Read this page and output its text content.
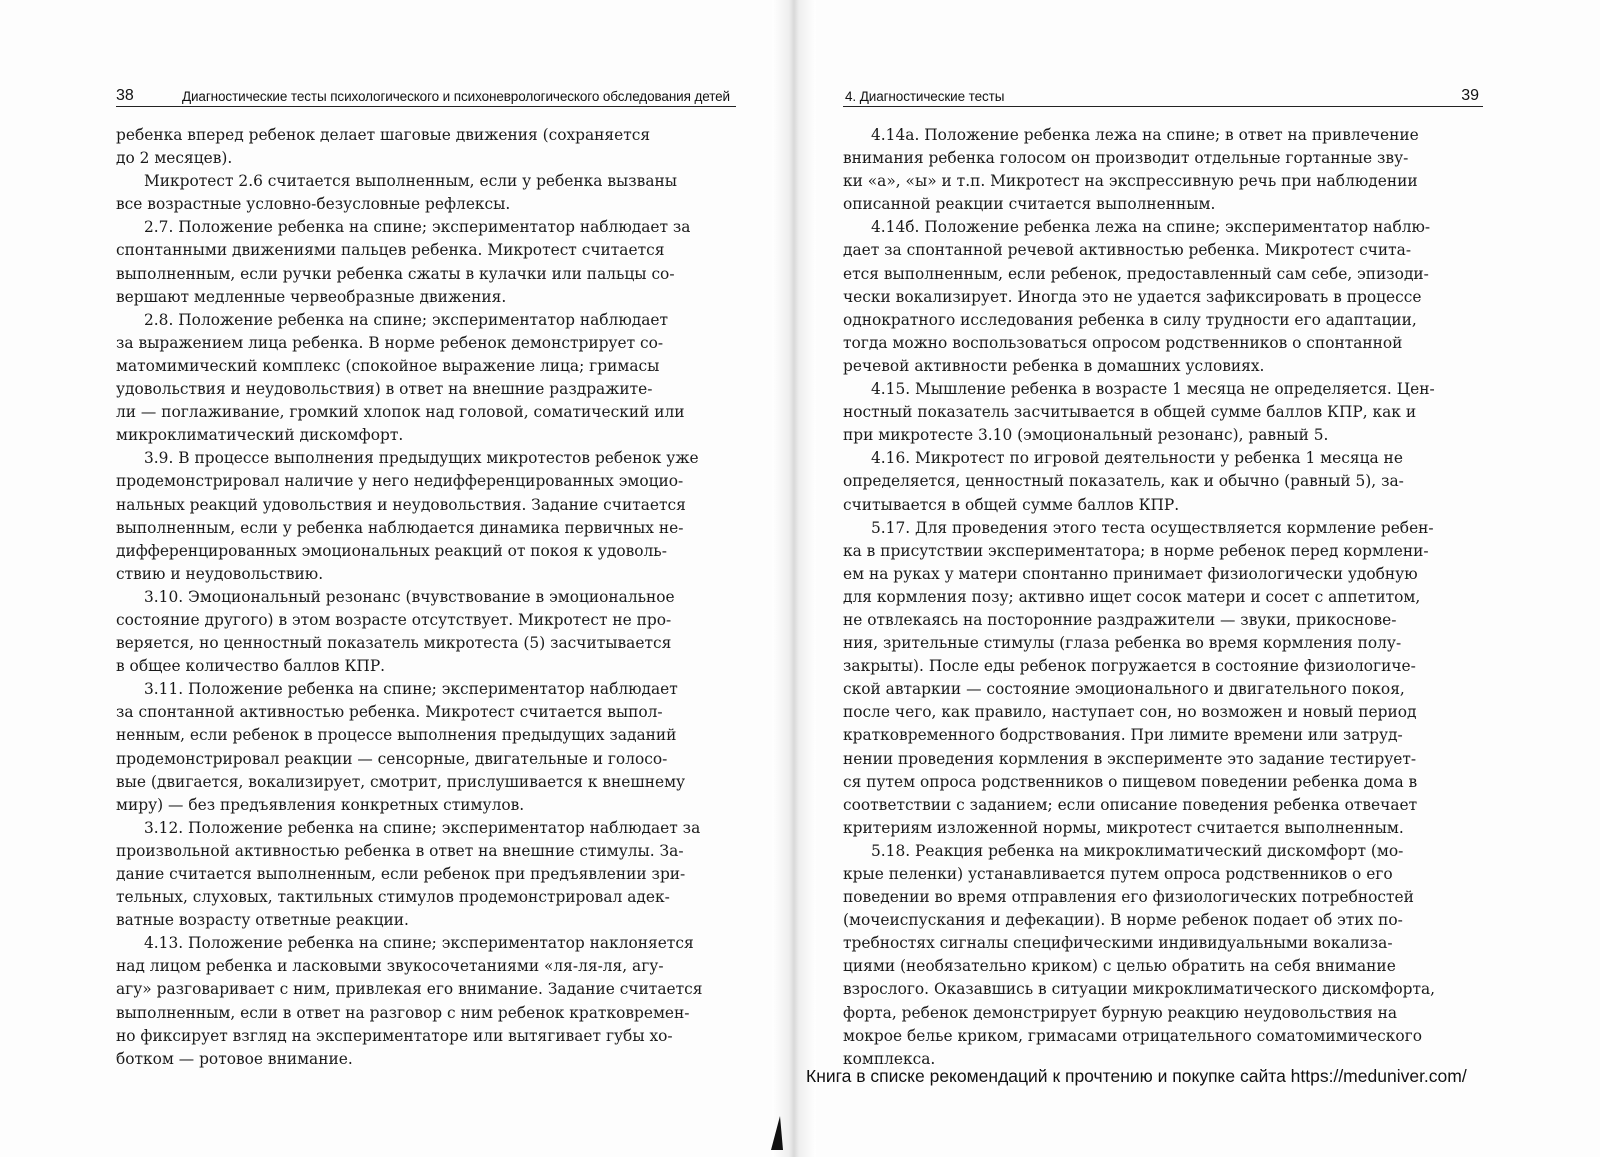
38	Диагностические тесты психологического и психоневрологического обследования детей
ребенка вперед ребенок делает шаговые движения (сохраняется
до 2 месяцев).
Микротест 2.6 считается выполненным, если у ребенка вызваны
все возрастные условно-безусловные рефлексы.
2.7. Положение ребенка на спине; экспериментатор наблюдает за
спонтанными движениями пальцев ребенка. Микротест считается
выполненным, если ручки ребенка сжаты в кулачки или пальцы со-
вершают медленные червеобразные движения.
2.8. Положение ребенка на спине; экспериментатор наблюдает
за выражением лица ребенка. В норме ребенок демонстрирует со-
матомимический комплекс (спокойное выражение лица; гримасы
удовольствия и неудовольствия) в ответ на внешние раздражите-
ли — поглаживание, громкий хлопок над головой, соматический или
микроклиматический дискомфорт.
3.9. В процессе выполнения предыдущих микротестов ребенок уже
продемонстрировал наличие у него недифференцированных эмоцио-
нальных реакций удовольствия и неудовольствия. Задание считается
выполненным, если у ребенка наблюдается динамика первичных не-
дифференцированных эмоциональных реакций от покоя к удоволь-
ствию и неудовольствию.
3.10. Эмоциональный резонанс (вчувствование в эмоциональное
состояние другого) в этом возрасте отсутствует. Микротест не про-
веряется, но ценностный показатель микротеста (5) засчитывается
в общее количество баллов КПР.
3.11. Положение ребенка на спине; экспериментатор наблюдает
за спонтанной активностью ребенка. Микротест считается выпол-
ненным, если ребенок в процессе выполнения предыдущих заданий
продемонстрировал реакции — сенсорные, двигательные и голосо-
вые (двигается, вокализирует, смотрит, прислушивается к внешнему
миру) — без предъявления конкретных стимулов.
3.12. Положение ребенка на спине; экспериментатор наблюдает за
произвольной активностью ребенка в ответ на внешние стимулы. За-
дание считается выполненным, если ребенок при предъявлении зри-
тельных, слуховых, тактильных стимулов продемонстрировал адек-
ватные возрасту ответные реакции.
4.13. Положение ребенка на спине; экспериментатор наклоняется
над лицом ребенка и ласковыми звукосочетаниями «ля-ля-ля, агу-
агу» разговаривает с ним, привлекая его внимание. Задание считается
выполненным, если в ответ на разговор с ним ребенок кратковремен-
но фиксирует взгляд на экспериментаторе или вытягивает губы хо-
ботком — ротовое внимание.
4. Диагностические тесты	39
4.14а. Положение ребенка лежа на спине; в ответ на привлечение
внимания ребенка голосом он производит отдельные гортанные зву-
ки «а», «ы» и т.п. Микротест на экспрессивную речь при наблюдении
описанной реакции считается выполненным.
4.14б. Положение ребенка лежа на спине; экспериментатор наблю-
дает за спонтанной речевой активностью ребенка. Микротест счита-
ется выполненным, если ребенок, предоставленный сам себе, эпизоди-
чески вокализирует. Иногда это не удается зафиксировать в процессе
однократного исследования ребенка в силу трудности его адаптации,
тогда можно воспользоваться опросом родственников о спонтанной
речевой активности ребенка в домашних условиях.
4.15. Мышление ребенка в возрасте 1 месяца не определяется. Цен-
ностный показатель засчитывается в общей сумме баллов КПР, как и
при микротесте 3.10 (эмоциональный резонанс), равный 5.
4.16. Микротест по игровой деятельности у ребенка 1 месяца не
определяется, ценностный показатель, как и обычно (равный 5), за-
считывается в общей сумме баллов КПР.
5.17. Для проведения этого теста осуществляется кормление ребен-
ка в присутствии экспериментатора; в норме ребенок перед кормлени-
ем на руках у матери спонтанно принимает физиологически удобную
для кормления позу; активно ищет сосок матери и сосет с аппетитом,
не отвлекаясь на посторонние раздражители — звуки, прикоснове-
ния, зрительные стимулы (глаза ребенка во время кормления полу-
закрыты). После еды ребенок погружается в состояние физиологиче-
ской автаркии — состояние эмоционального и двигательного покоя,
после чего, как правило, наступает сон, но возможен и новый период
кратковременного бодрствования. При лимите времени или затруд-
нении проведения кормления в эксперименте это задание тестирует-
ся путем опроса родственников о пищевом поведении ребенка дома в
соответствии с заданием; если описание поведения ребенка отвечает
критериям изложенной нормы, микротест считается выполненным.
5.18. Реакция ребенка на микроклиматический дискомфорт (мо-
крые пеленки) устанавливается путем опроса родственников о его
поведении во время отправления его физиологических потребностей
(мочеиспускания и дефекации). В норме ребенок подает об этих по-
требностях сигналы специфическими индивидуальными вокализа-
циями (необязательно криком) с целью обратить на себя внимание
взрослого. Оказавшись в ситуации микроклиматического дискомфорта,
форта, ребенок демонстрирует бурную реакцию неудовольствия на
мокрое белье криком, гримасами отрицательного соматомимического
комплекса.
Книга в списке рекомендаций к прочтению и покупке сайта https://meduniver.com/
